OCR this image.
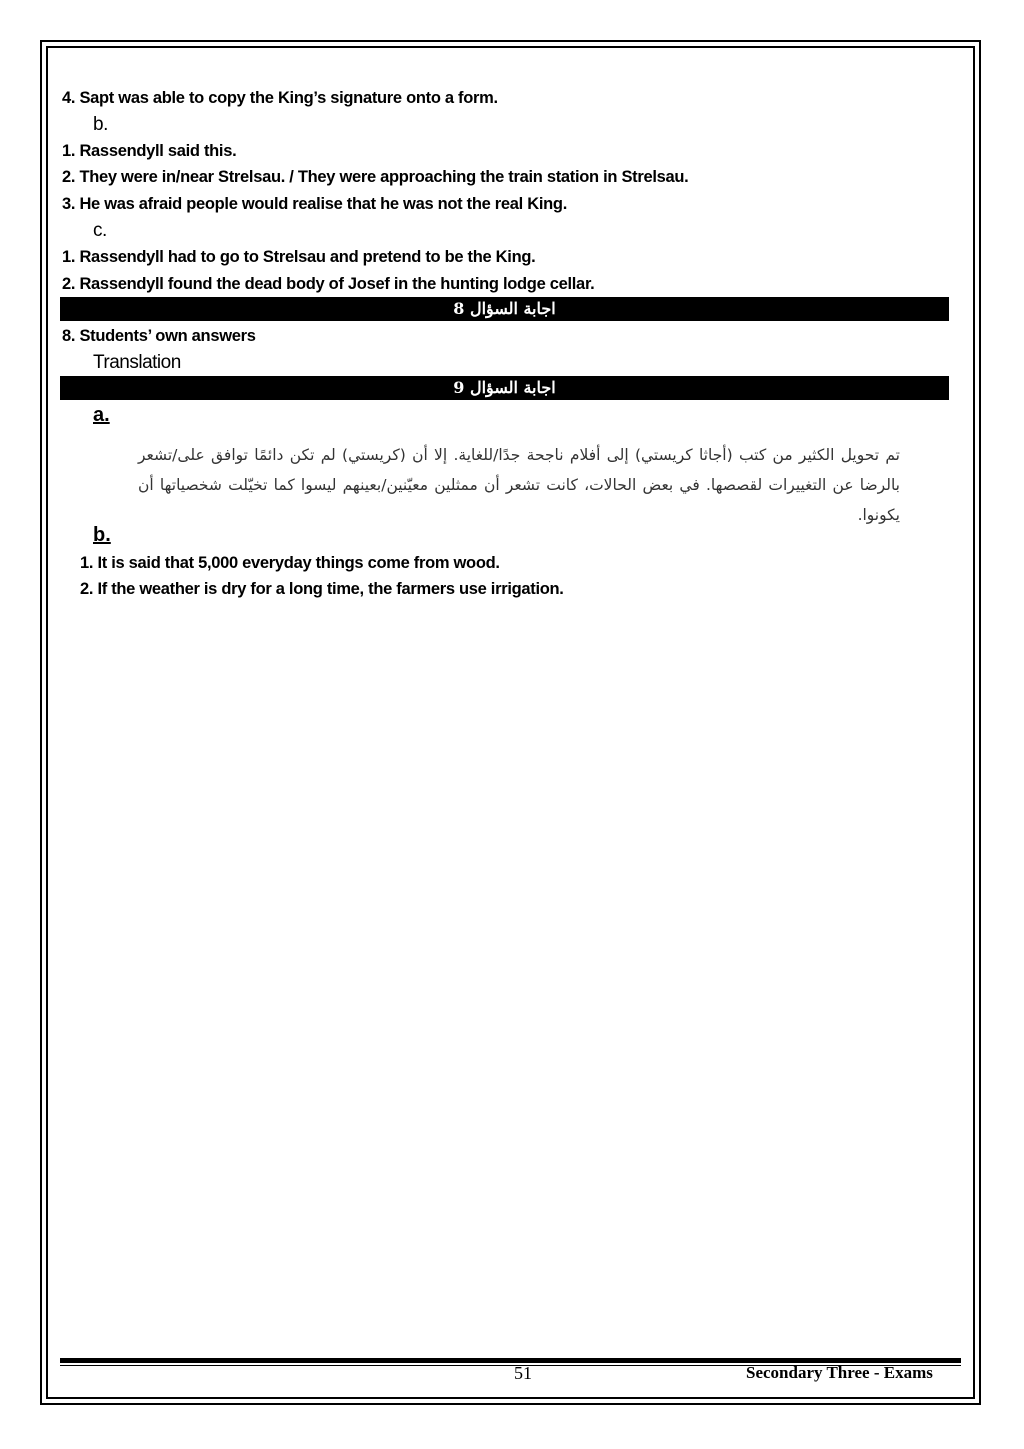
4. Sapt was able to copy the King’s signature onto a form.
b.
1. Rassendyll said this.
2. They were in/near Strelsau. / They were approaching the train station in Strelsau.
3. He was afraid people would realise that he was not the real King.
c.
1. Rassendyll had to go to Strelsau and pretend to be the King.
2. Rassendyll found the dead body of Josef in the hunting lodge cellar.
اجابة السؤال 8
8. Students’ own answers
Translation
اجابة السؤال 9
a.
تم تحويل الكثير من كتب (أجاثا كريستي) إلى أفلام ناجحة جدًا/للغاية. إلا أن (كريستي) لم تكن دائمًا توافق على/تشعر بالرضا عن التغييرات لقصصها. في بعض الحالات، كانت تشعر أن ممثلين معيّنين/بعينهم ليسوا كما تخيّلت شخصياتها أن يكونوا.
b.
1. It is said that 5,000 everyday things come from wood.
2. If the weather is dry for a long time, the farmers use irrigation.
51	Secondary Three - Exams
